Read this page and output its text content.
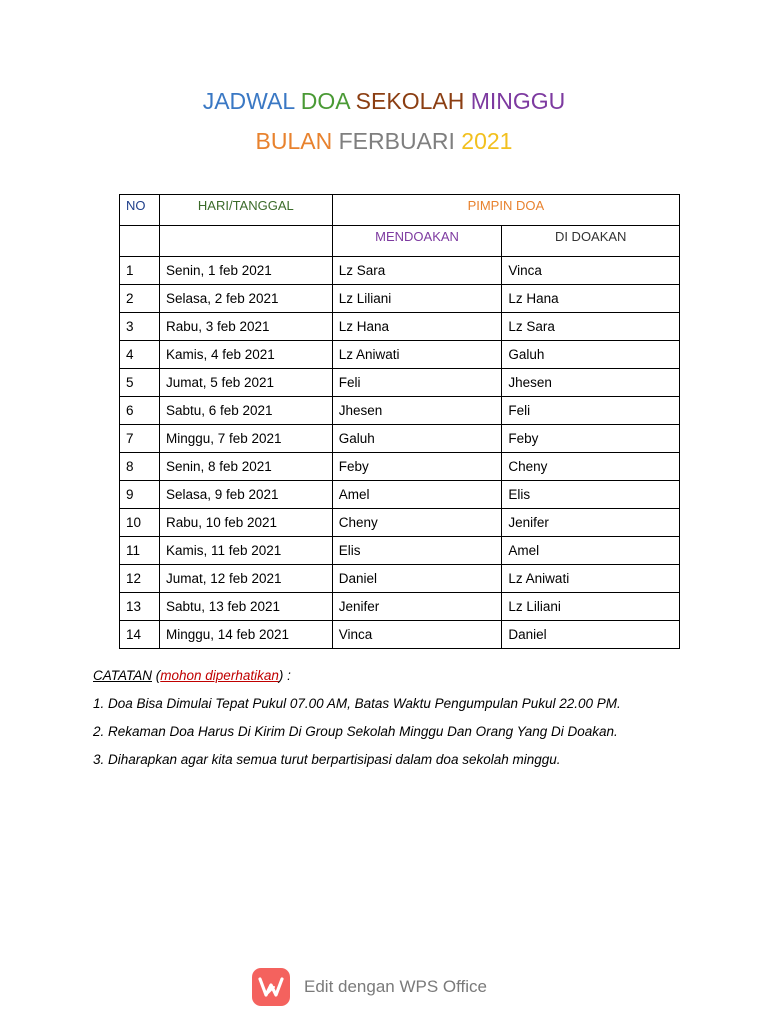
JADWAL DOA SEKOLAH MINGGU
BULAN FERBUARI 2021
NO	HARI/TANGGAL	PIMPIN DOA	
		MENDOAKAN	DI DOAKAN
1	Senin, 1 feb 2021	Lz Sara	Vinca
2	Selasa, 2 feb 2021	Lz Liliani	Lz Hana
3	Rabu, 3 feb 2021	Lz Hana	Lz Sara
4	Kamis, 4 feb 2021	Lz Aniwati	Galuh
5	Jumat, 5 feb 2021	Feli	Jhesen
6	Sabtu, 6 feb 2021	Jhesen	Feli
7	Minggu, 7 feb 2021	Galuh	Feby
8	Senin, 8 feb 2021	Feby	Cheny
9	Selasa, 9 feb 2021	Amel	Elis
10	Rabu, 10 feb 2021	Cheny	Jenifer
11	Kamis, 11 feb 2021	Elis	Amel
12	Jumat, 12 feb 2021	Daniel	Lz Aniwati
13	Sabtu, 13 feb 2021	Jenifer	Lz Liliani
14	Minggu, 14 feb 2021	Vinca	Daniel

CATATAN (mohon diperhatikan) :

1. Doa Bisa Dimulai Tepat Pukul 07.00 AM, Batas Waktu Pengumpulan Pukul 22.00 PM.

2. Rekaman Doa Harus Di Kirim Di Group Sekolah Minggu Dan Orang Yang Di Doakan.

3. Diharapkan agar kita semua turut berpartisipasi dalam doa sekolah minggu.

Edit dengan WPS Office
